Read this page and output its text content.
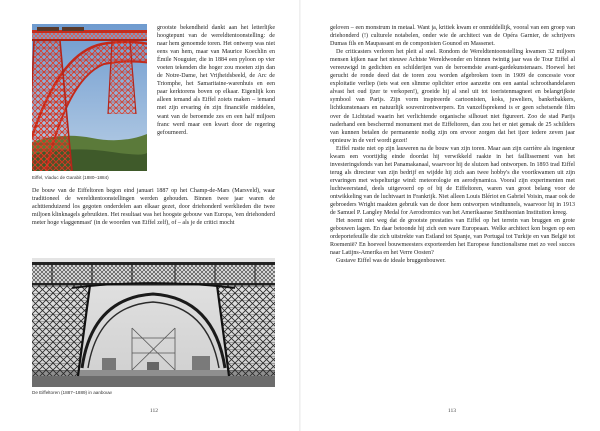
Eiffel, Viaduc de Garabit (1880–1884)

grootste bekendheid dankt aan het letterlijke hoogtepunt van de wereldtentoonstelling: de naar hem genoemde toren. Het ontwerp was niet eens van hem, maar van Maurice Koechlin en Émile Nouguier, die in 1884 een pyloon op vier voeten tekenden die hoger zou moeten zijn dan de Notre-Dame, het Vrijheidsbeeld, de Arc de Triomphe, het Samaritaine-warenhuis en een paar kerktorens boven op elkaar. Eigenlijk kon alleen iemand als Eiffel zoiets maken – iemand met zijn ervaring én zijn financiële middelen, want van de beroemde zes en een half miljoen franc werd maar een kwart door de regering gefourneerd.

De bouw van de Eiffeltoren begon eind januari 1887 op het Champ-de-Mars (Marsveld), waar traditioneel de wereldtentoonstellingen werden gehouden. Binnen twee jaar waren de achttienduizend los gegoten onderdelen aan elkaar gezet, door driehonderd werklieden die twee miljoen klinknagels gebruikten. Het resultaat was het hoogste gebouw van Europa, 'een driehonderd meter hoge vlaggenmast' (in de woorden van Eiffel zelf), of – als je de critici mocht

De Eiffeltoren (1887–1889) in aanbouw

112

geloven – een monstrum in metaal. Want ja, kritiek kwam er onmiddellijk, vooral van een groep van driehonderd (!) culturele notabelen, onder wie de architect van de Opéra Garnier, de schrijvers Dumas fils en Maupassant en de componisten Gounod en Massenet.

De criticasters verloren het pleit al snel. Rondom de Wereldtentoonstelling kwamen 32 miljoen mensen kijken naar het nieuwe Achtste Wereldwonder en binnen twintig jaar was de Tour Eiffel al vereeuwigd in gedichten en schilderijen van de beroemdste avant-gardekunstenaars. Hoewel het gerucht de ronde deed dat de toren zou worden afgebroken toen in 1909 de concessie voor exploitatie verliep (iets wat een slimme oplichter ertoe aanzette om een aantal schroothandelaren alvast het oud ijzer te verkopen!), groeide hij al snel uit tot toeristenmagneet en belangrijkste symbool van Parijs. Zijn vorm inspireerde cartoonisten, koks, juweliers, banketbakkers, lichtkunstenaars en natuurlijk souvenirontwerpers. En vanzelfsprekend is er geen schetsende film over de Lichtstad waarin het verlichtende organische silhouet niet figureert. Zoo de stad Parijs naderhand een beschermd monument met de Eiffeltoren, dan zou het er niet gemak de 25 schilders van kunnen betalen de permanente nodig zijn om ervoor zorgen dat het ijzer iedere zeven jaar opnieuw in de verf wordt gezet!

Eiffel rustte niet op zijn lauweren na de bouw van zijn toren. Maar aan zijn carrière als ingenieur kwam een voortijdig einde doordat hij verwikkeld raakte in het faillissement van het investeringsfonds van het Panamakanaal, waarvoor hij de sluizen had ontworpen. In 1893 trad Eiffel terug als directeur van zijn bedrijf en wijdde hij zich aan twee hobby's die voortkwamen uit zijn ervaringen met wispelturige wind: meteorologie en aerodynamica. Vooral zijn experimenten met luchtweerstand, deels uitgevoerd op of bij de Eiffeltoren, waren van groot belang voor de ontwikkeling van de luchtvaart in Frankrijk. Niet alleen Louis Blériot en Gabriel Voisin, maar ook de gebroeders Wright maakten gebruik van de door hem ontworpen windtunnels, waarvoor hij in 1913 de Samuel P. Langley Medal for Aerodromics van het Amerikaanse Smithsonian Institution kreeg.

Het noemt niet weg dat de grootste prestaties van Eiffel op het terrein van bruggen en grote gebouwen lagen. En daar betoonde hij zich een ware Europeaan. Welke architect kon bogen op een ordeportefeuille die zich uitstrekte van Estland tot Spanje, van Portugal tot Turkije en van België tot Roemenië? En hoeveel bouwmeesters exporteerden het Europese functionalisme met zo veel succes naar Latijns-Amerika en het Verre Oosten?

Gustave Eiffel was de ideale bruggenbouwer.

113
